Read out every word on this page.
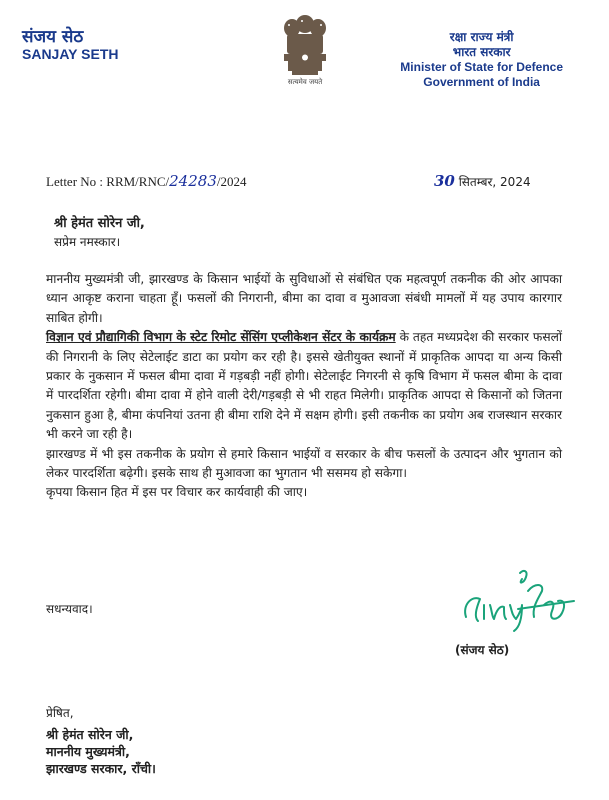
संजय सेठ
SANJAY SETH
सत्यमेव जयते
रक्षा राज्य मंत्री
भारत सरकार
Minister of State for Defence
Government of India
Letter No : RRM/RNC/24283/2024	30 सितम्बर, 2024
श्री हेमंत सोरेन जी,
सप्रेम नमस्कार।

माननीय मुख्यमंत्री जी, झारखण्ड के किसान भाईयों के सुविधाओं से संबंधित एक महत्वपूर्ण तकनीक की ओर आपका ध्यान आकृष्ट कराना चाहता हूँ। फसलों की निगरानी, बीमा का दावा व मुआवजा संबंधी मामलों में यह उपाय कारगार साबित होगी।

विज्ञान एवं प्रौद्यागिकी विभाग के स्टेट रिमोट सेंसिंग एप्लीकेशन सेंटर के कार्यक्रम के तहत मध्यप्रदेश की सरकार फसलों की निगरानी के लिए सेटेलाईट डाटा का प्रयोग कर रही है। इससे खेतीयुक्त स्थानों में प्राकृतिक आपदा या अन्य किसी प्रकार के नुकसान में फसल बीमा दावा में गड़बड़ी नहीं होगी। सेटेलाईट निगरनी से कृषि विभाग में फसल बीमा के दावा में पारदर्शिता रहेगी। बीमा दावा में होने वाली देरी/गड़बड़ी से भी राहत मिलेगी। प्राकृतिक आपदा से किसानों को जितना नुकसान हुआ है, बीमा कंपनियां उतना ही बीमा राशि देने में सक्षम होगी। इसी तकनीक का प्रयोग अब राजस्थान सरकार भी करने जा रही है।

झारखण्ड में भी इस तकनीक के प्रयोग से हमारे किसान भाईयों व सरकार के बीच फसलों के उत्पादन और भुगतान को लेकर पारदर्शिता बढ़ेगी। इसके साथ ही मुआवजा का भुगतान भी ससमय हो सकेगा।

कृपया किसान हित में इस पर विचार कर कार्यवाही की जाए।

सधन्यवाद।
(संजय सेठ)
प्रेषित,
श्री हेमंत सोरेन जी,
माननीय मुख्यमंत्री,
झारखण्ड सरकार, राँची।
